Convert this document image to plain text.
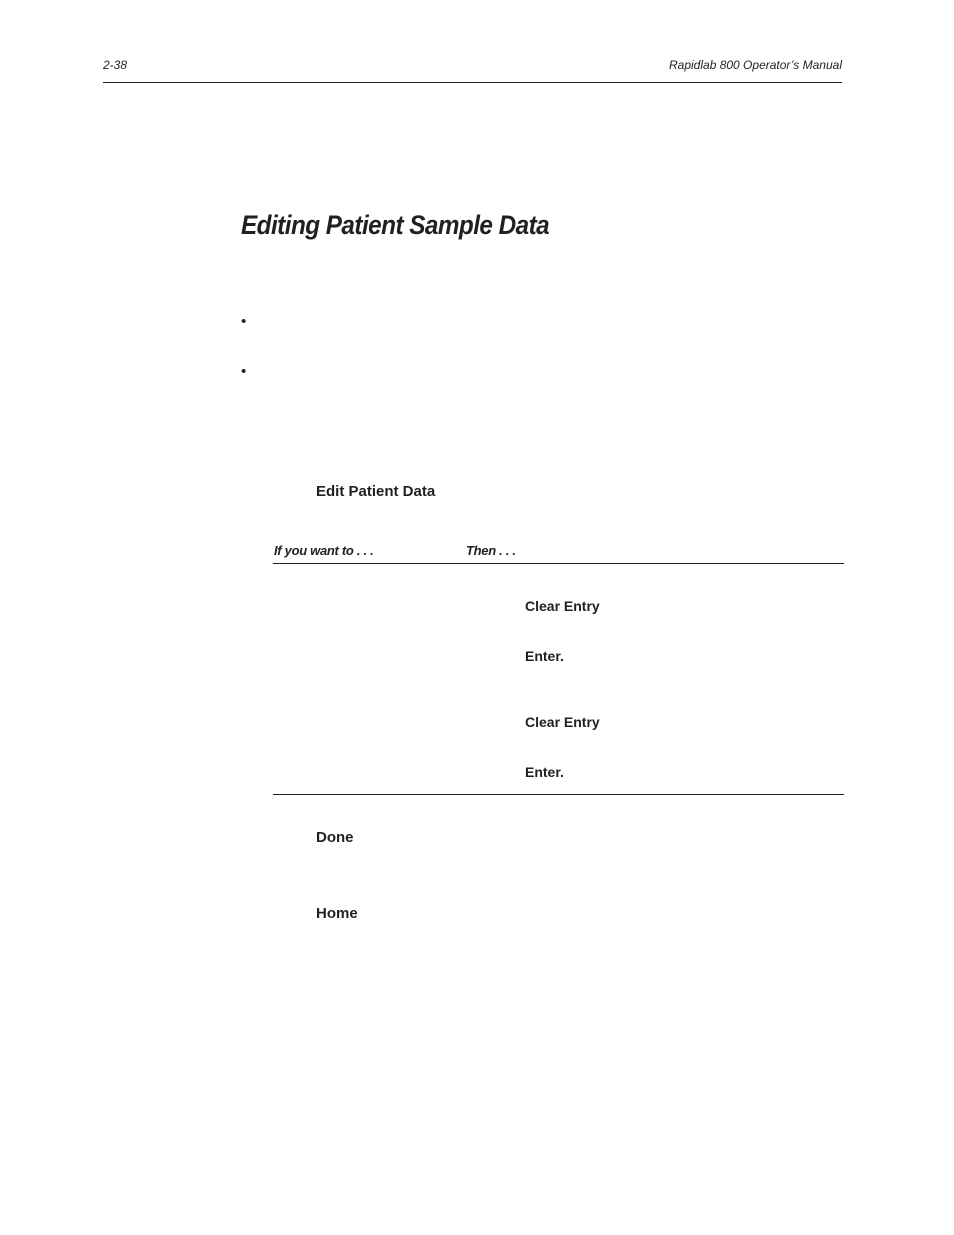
2-38	Rapidlab 800 Operator’s Manual
Editing Patient Sample Data
•
•
Edit Patient Data
If you want to . . .	Then . . .
Clear Entry
Enter.
Clear Entry
Enter.
Done
Home
